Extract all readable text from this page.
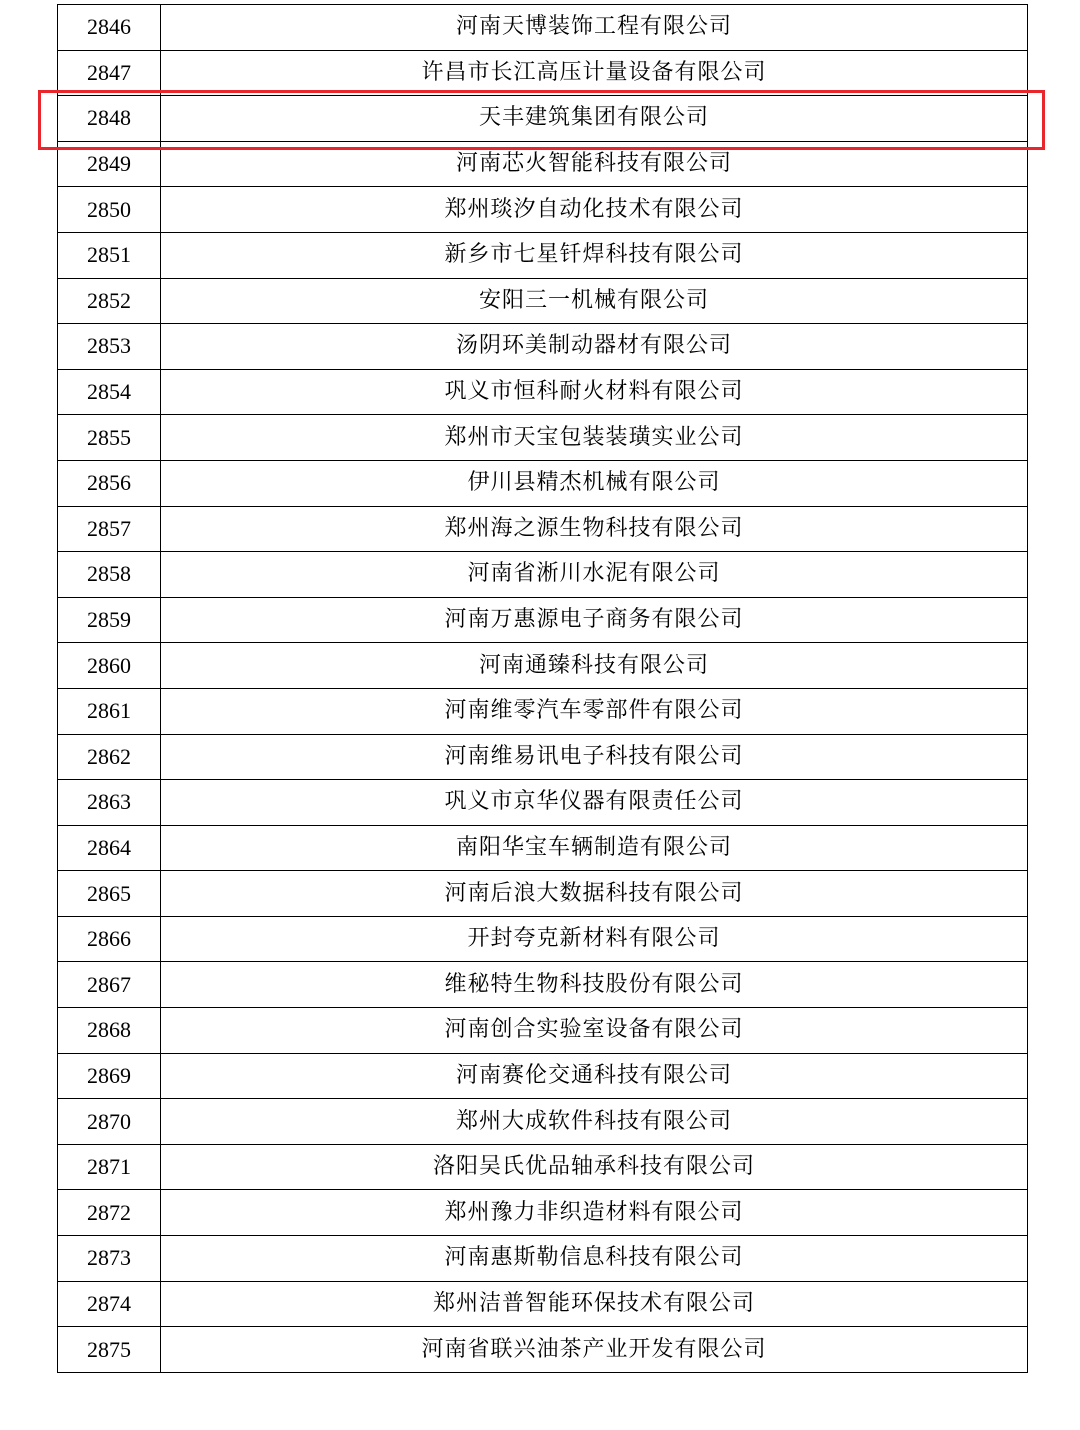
2846	河南天博装饰工程有限公司
2847	许昌市长江高压计量设备有限公司
2848	天丰建筑集团有限公司
2849	河南芯火智能科技有限公司
2850	郑州琰汐自动化技术有限公司
2851	新乡市七星钎焊科技有限公司
2852	安阳三一机械有限公司
2853	汤阴环美制动器材有限公司
2854	巩义市恒科耐火材料有限公司
2855	郑州市天宝包装装璜实业公司
2856	伊川县精杰机械有限公司
2857	郑州海之源生物科技有限公司
2858	河南省淅川水泥有限公司
2859	河南万惠源电子商务有限公司
2860	河南通臻科技有限公司
2861	河南维零汽车零部件有限公司
2862	河南维易讯电子科技有限公司
2863	巩义市京华仪器有限责任公司
2864	南阳华宝车辆制造有限公司
2865	河南后浪大数据科技有限公司
2866	开封夸克新材料有限公司
2867	维秘特生物科技股份有限公司
2868	河南创合实验室设备有限公司
2869	河南赛伦交通科技有限公司
2870	郑州大成软件科技有限公司
2871	洛阳吴氏优品轴承科技有限公司
2872	郑州豫力非织造材料有限公司
2873	河南惠斯勒信息科技有限公司
2874	郑州洁普智能环保技术有限公司
2875	河南省联兴油茶产业开发有限公司
